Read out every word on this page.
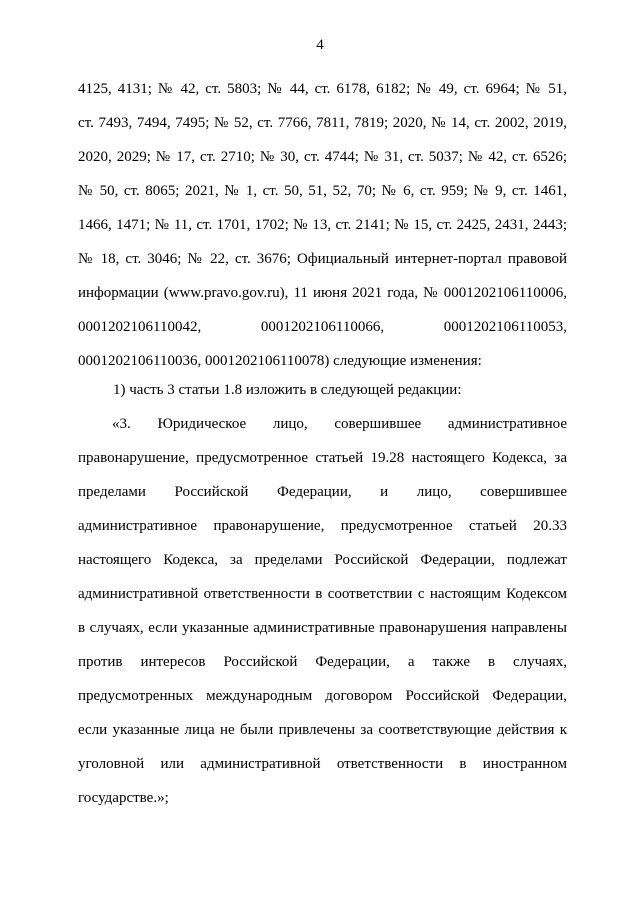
4
4125, 4131; № 42, ст. 5803; № 44, ст. 6178, 6182; № 49, ст. 6964; № 51,
ст. 7493, 7494, 7495; № 52, ст. 7766, 7811, 7819; 2020, № 14, ст. 2002, 2019,
2020, 2029; № 17, ст. 2710; № 30, ст. 4744; № 31, ст. 5037; № 42, ст. 6526;
№ 50, ст. 8065; 2021, № 1, ст. 50, 51, 52, 70; № 6, ст. 959; № 9, ст. 1461,
1466, 1471; № 11, ст. 1701, 1702; № 13, ст. 2141; № 15, ст. 2425, 2431, 2443;
№ 18, ст. 3046; № 22, ст. 3676; Официальный интернет-портал правовой
информации (www.pravo.gov.ru), 11 июня 2021 года, № 0001202106110006,
0001202106110042, 0001202106110066, 0001202106110053,
0001202106110036, 0001202106110078) следующие изменения:
1) часть 3 статьи 1.8 изложить в следующей редакции:
«3. Юридическое лицо, совершившее административное
правонарушение, предусмотренное статьей 19.28 настоящего Кодекса, за
пределами Российской Федерации, и лицо, совершившее
административное правонарушение, предусмотренное статьей 20.33
настоящего Кодекса, за пределами Российской Федерации, подлежат
административной ответственности в соответствии с настоящим Кодексом
в случаях, если указанные административные правонарушения направлены
против интересов Российской Федерации, а также в случаях,
предусмотренных международным договором Российской Федерации,
если указанные лица не были привлечены за соответствующие действия к
уголовной или административной ответственности в иностранном
государстве.»;
